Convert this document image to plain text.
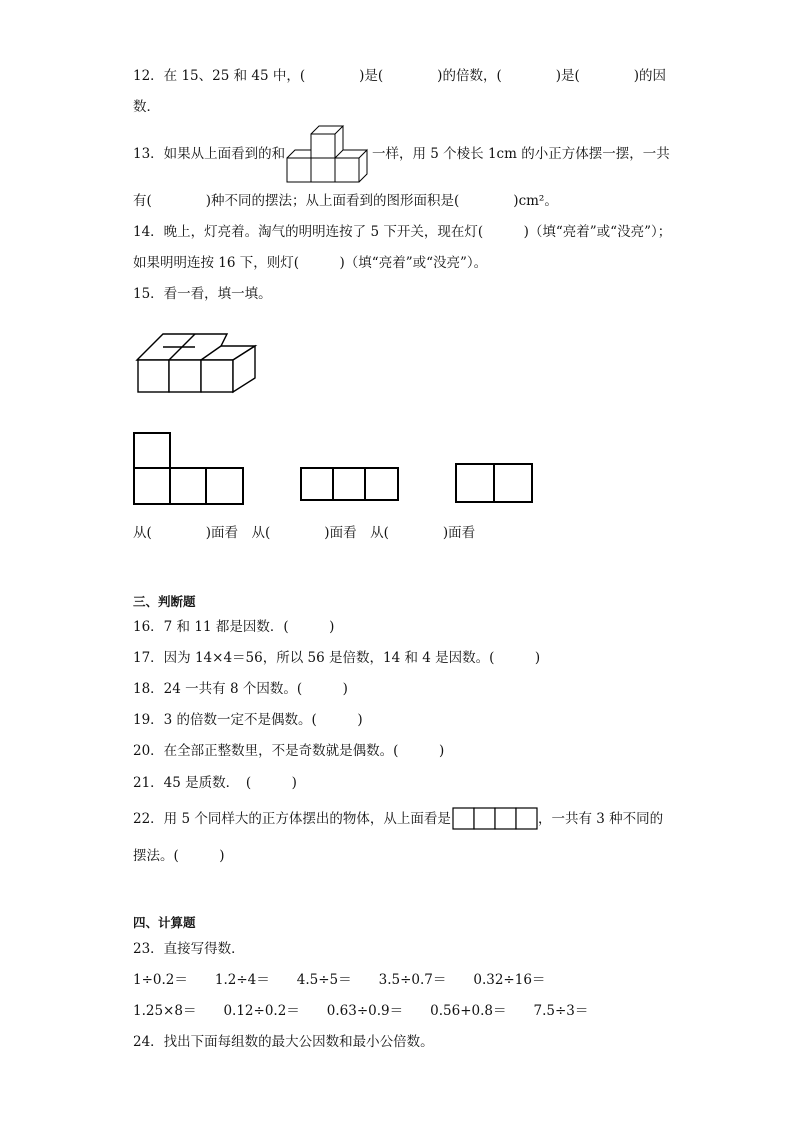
12．在 15、25 和 45 中，(　　　　)是(　　　　)的倍数，(　　　　)是(　　　　)的因
数．
13．如果从上面看到的和	一样，用 5 个棱长 1cm 的小正方体摆一摆，一共
有(　　　　)种不同的摆法；从上面看到的图形面积是(　　　　)cm²。
14．晚上，灯亮着。淘气的明明连按了 5 下开关，现在灯(　　　)（填“亮着”或“没亮”）；
如果明明连按 16 下，则灯(　　　)（填“亮着”或“没亮”）。
15．看一看，填一填。
从(　　　　)面看　从(　　　　)面看　从(　　　　)面看
三、判断题
16．7 和 11 都是因数．(　　　)
17．因为 14×4＝56，所以 56 是倍数，14 和 4 是因数。(　　　)
18．24 一共有 8 个因数。(　　　)
19．3 的倍数一定不是偶数。(　　　)
20．在全部正整数里，不是奇数就是偶数。(　　　)
21．45 是质数．　(　　　)
22．用 5 个同样大的正方体摆出的物体，从上面看是	，一共有 3 种不同的
摆法。(　　　)
四、计算题
23．直接写得数．
1÷0.2＝　　1.2÷4＝　　4.5÷5＝　　3.5÷0.7＝　　0.32÷16＝
1.25×8＝　　0.12÷0.2＝　　0.63÷0.9＝　　0.56+0.8＝　　7.5÷3＝
24．找出下面每组数的最大公因数和最小公倍数。
